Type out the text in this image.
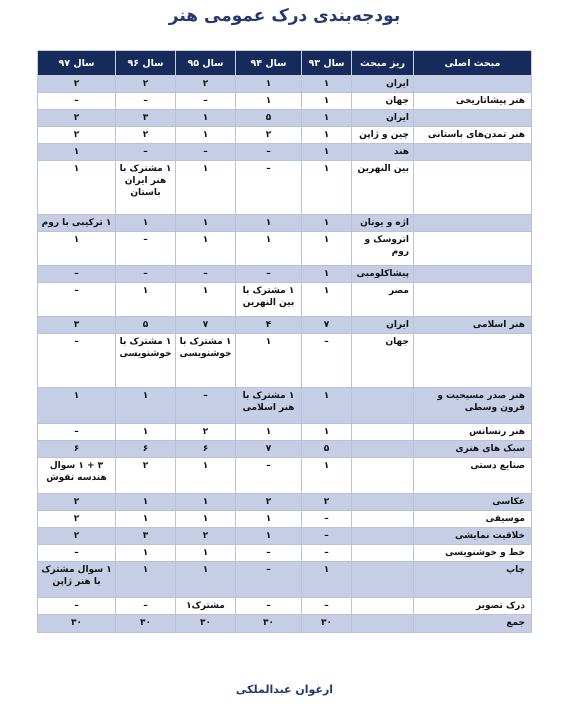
بودجه‌بندی درک عمومی هنر
مبحث اصلی	ریز مبحث	سال ۹۳	سال ۹۴	سال ۹۵	سال ۹۶	سال ۹۷
	ایران	۱	۱	۲	۲	۲
هنر پیشاتاریخی	جهان	۱	۱	–	–	–
	ایران	۱	۵	۱	۳	۲
هنر تمدن‌های باستانی	چین و ژاپن	۱	۲	۱	۲	۲
	هند	۱	–	–	–	۱
	بین النهرین	۱	–	۱	۱ مشترک با هنر ایران باستان	۱
	اژه و یونان	۱	۱	۱	۱	۱ ترکیبی با روم
	اتروسک و روم	۱	۱	۱	–	۱
	پیشاکلومبی	۱	–	–	–	–
	مصر	۱	۱ مشترک با بین النهرین	۱	۱	–
هنر اسلامی	ایران	۷	۴	۷	۵	۳
	جهان	–	۱	۱ مشترک با خوشنویسی	۱ مشترک با خوشنویسی	–
هنر صدر مسیحیت و قرون وسطی		۱	۱ مشترک با هنر اسلامی	–	۱	۱
هنر رنسانس		۱	۱	۲	۱	–
سبک های هنری		۵	۷	۶	۶	۶
صنایع دستی		۱	–	۱	۲	۳ + ۱ سوال هندسه نقوش
عکاسی		۲	۲	۱	۱	۲
موسیقی		–	۱	۱	۱	۲
خلاقیت نمایشی		–	۱	۲	۳	۲
خط و خوشنویسی		–	–	۱	۱	–
چاپ		۱	–	۱	۱	۱ سوال مشترک با هنر ژاپن
درک تصویر		–	–	مشترک۱	–	–
جمع		۳۰	۳۰	۳۰	۳۰	۳۰
ارغوان عبدالملکی
